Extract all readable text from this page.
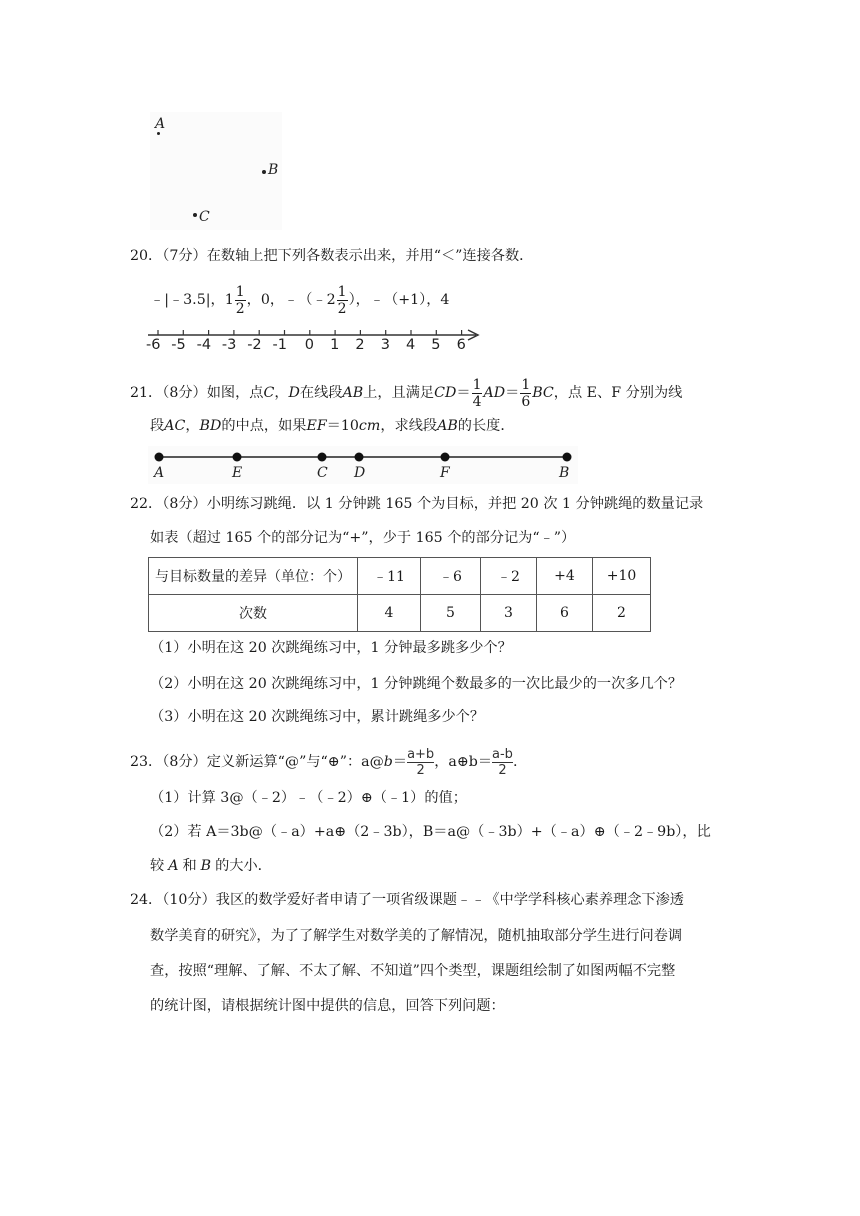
A
B
C
20．（7分）在数轴上把下列各数表示出来，并用“＜”连接各数．
﹣|﹣3.5|，$1 \frac{1}{2}$ ，0，﹣（﹣2 $\frac{1}{2}$ ），﹣（+1），4
-6 -5 -4 -3 -2 -1 0 1 2 3 4 5 6
21．（8分）如图，点C，D在线段AB上，且满足$CD= \frac{1}{4} AD= \frac{1}{6}$ BC，点 E、F 分别为线
段AC，BD的中点，如果EF＝10cm，求线段AB的长度．
A	E	C D	F	B
22．（8分）小明练习跳绳．以 1 分钟跳 165 个为目标，并把 20 次 1 分钟跳绳的数量记录
如表（超过 165 个的部分记为“+”，少于 165 个的部分记为“﹣”）
与目标数量的差异（单位：个）	﹣11	﹣6	﹣2	+4	+10
次数	4	5	3	6	2
（1）小明在这 20 次跳绳练习中，1 分钟最多跳多少个？
（2）小明在这 20 次跳绳练习中，1 分钟跳绳个数最多的一次比最少的一次多几个？
（3）小明在这 20 次跳绳练习中，累计跳绳多少个？
23．（8分）定义新运算“@”与“⊕”：a@b＝ $\frac{a+b}{2}$，a⊕b＝ $\frac{a-b}{2}$.
（1）计算 3@（﹣2）﹣（﹣2）⊕（﹣1）的值；
（2）若 A＝3b@（﹣a）+a⊕（2﹣3b），B＝a@（﹣3b）+（﹣a）⊕（﹣2﹣9b），比
较 A 和 B 的大小．
24．（10分）我区的数学爱好者申请了一项省级课题﹣﹣《中学学科核心素养理念下渗透
数学美育的研究》，为了了解学生对数学美的了解情况，随机抽取部分学生进行问卷调
查，按照“理解、了解、不太了解、不知道”四个类型，课题组绘制了如图两幅不完整
的统计图，请根据统计图中提供的信息，回答下列问题：
